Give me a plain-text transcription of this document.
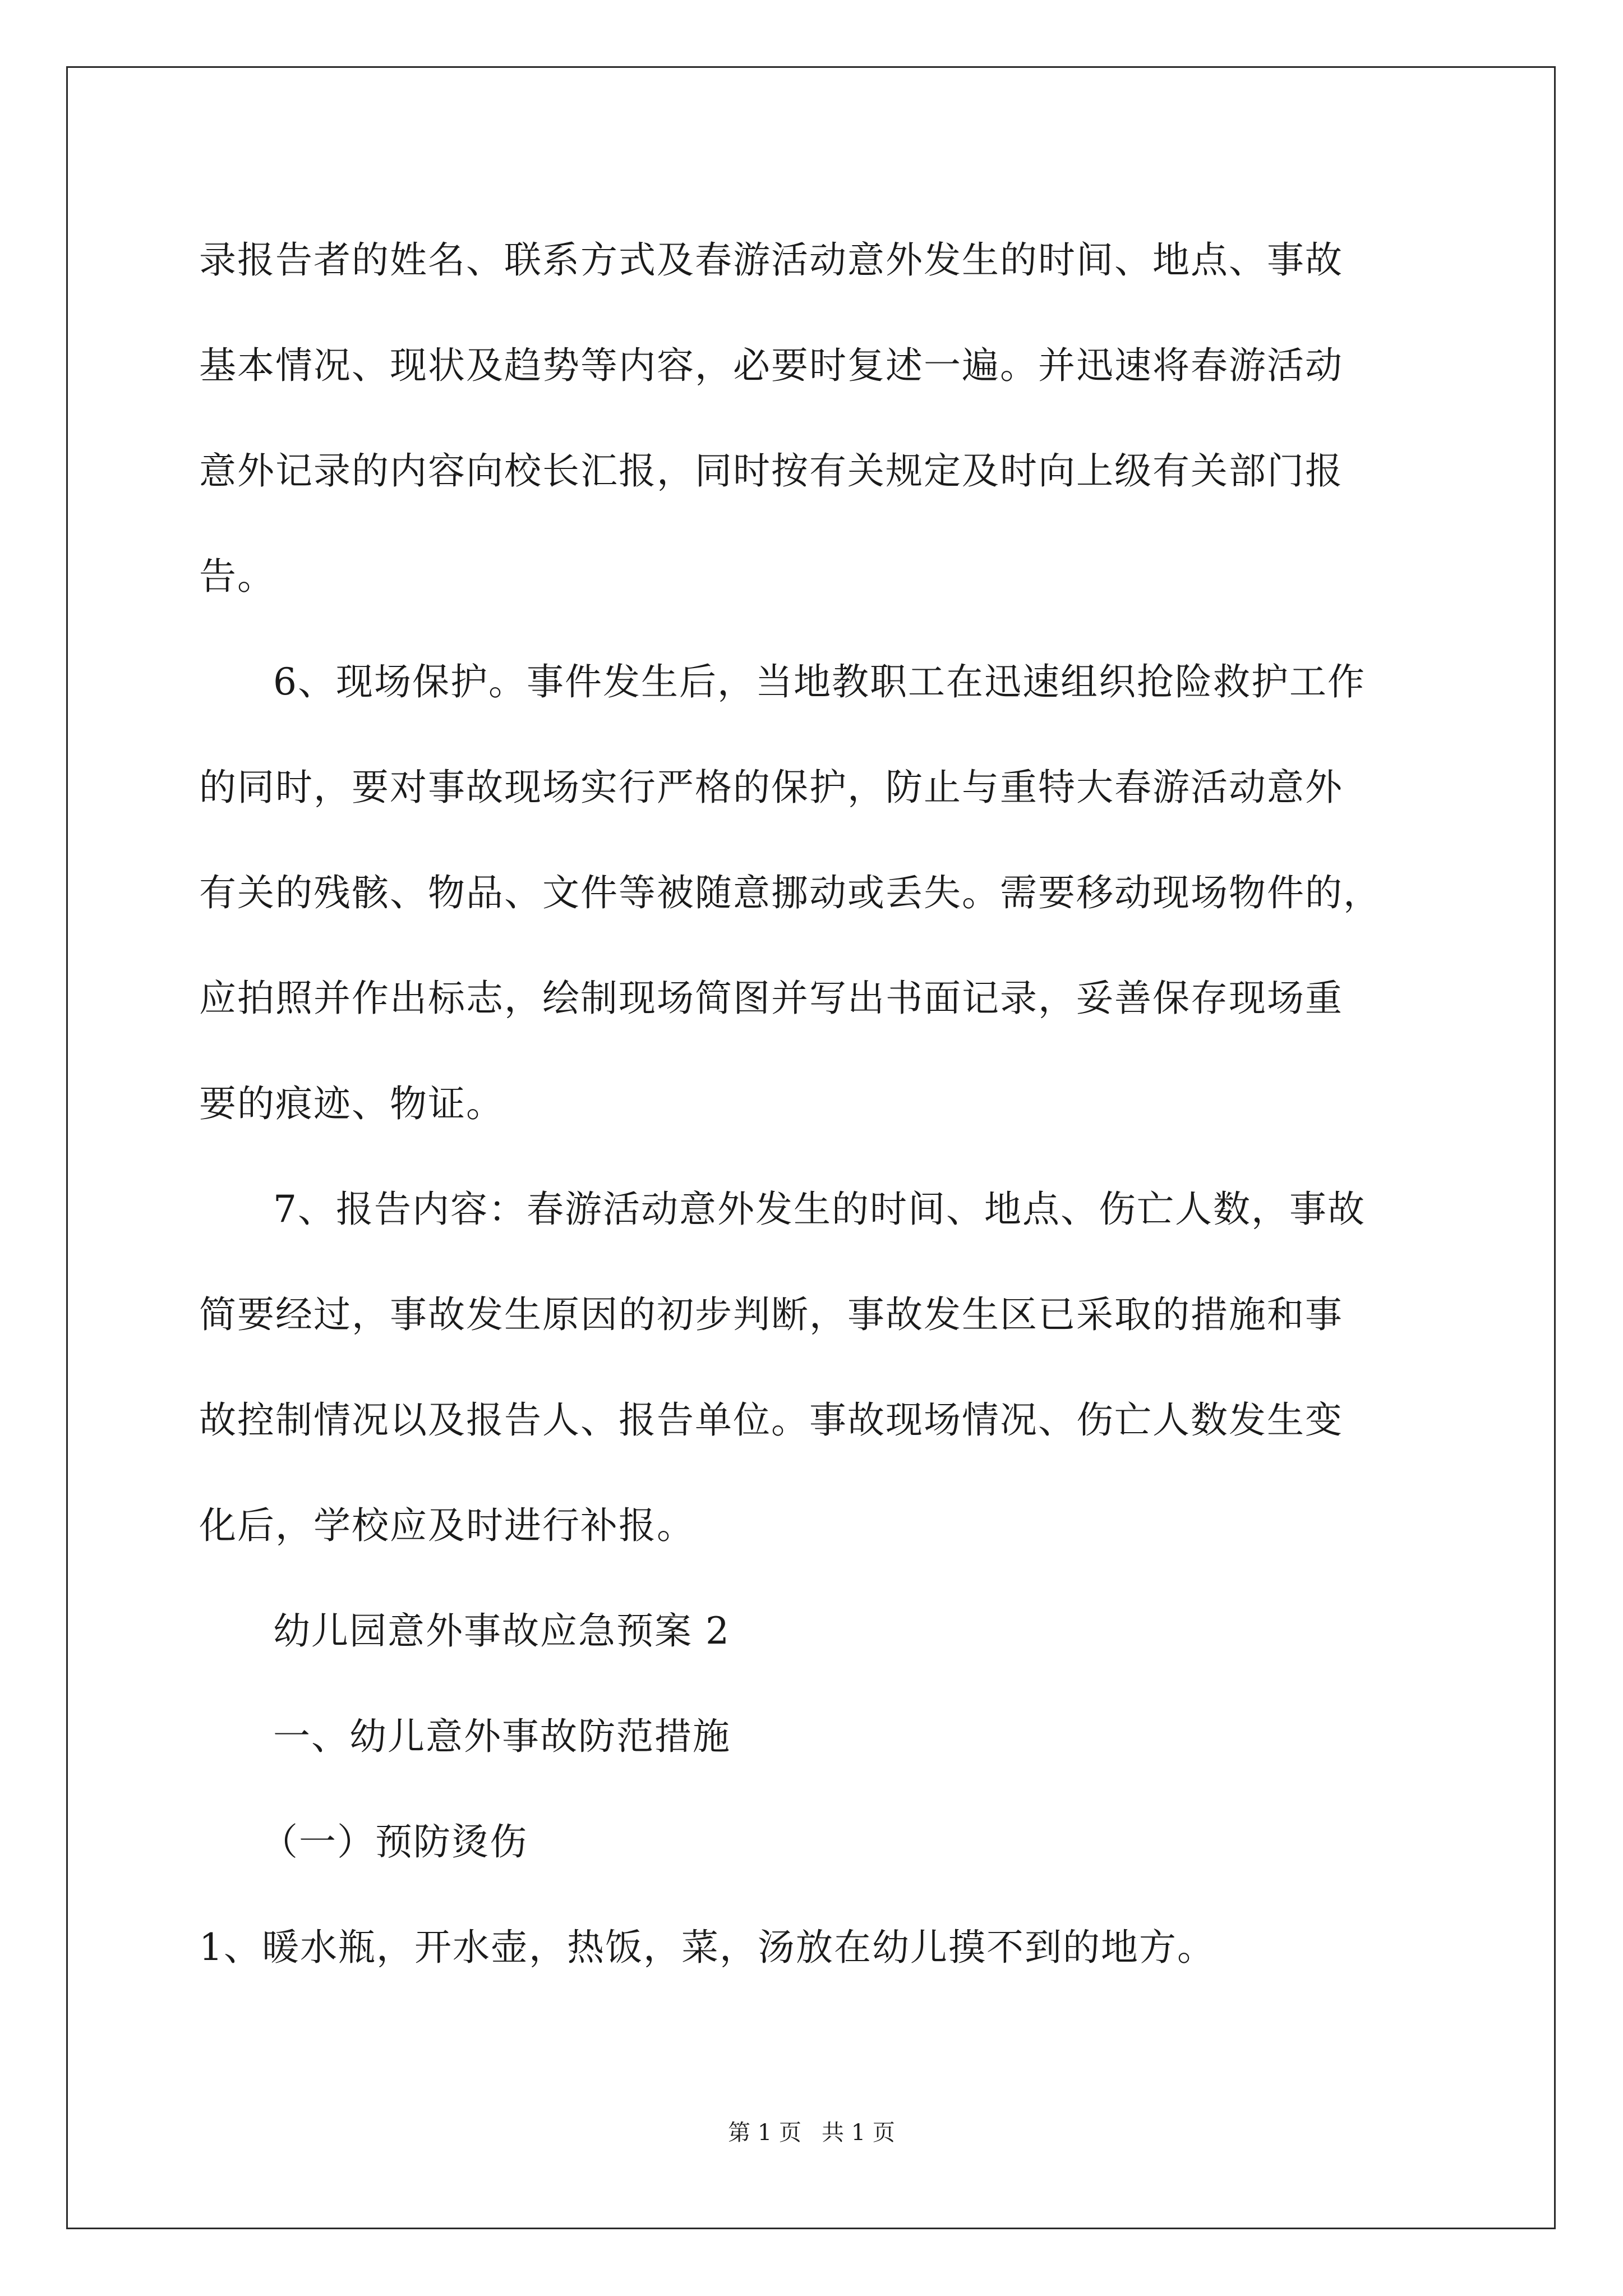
录报告者的姓名、联系方式及春游活动意外发生的时间、地点、事故
基本情况、现状及趋势等内容，必要时复述一遍。并迅速将春游活动
意外记录的内容向校长汇报，同时按有关规定及时向上级有关部门报
告。
6、现场保护。事件发生后，当地教职工在迅速组织抢险救护工作
的同时，要对事故现场实行严格的保护，防止与重特大春游活动意外
有关的残骸、物品、文件等被随意挪动或丢失。需要移动现场物件的，
应拍照并作出标志，绘制现场简图并写出书面记录，妥善保存现场重
要的痕迹、物证。
7、报告内容：春游活动意外发生的时间、地点、伤亡人数，事故
简要经过，事故发生原因的初步判断，事故发生区已采取的措施和事
故控制情况以及报告人、报告单位。事故现场情况、伤亡人数发生变
化后，学校应及时进行补报。
幼儿园意外事故应急预案 2
一、幼儿意外事故防范措施
（一）预防烫伤
1、暖水瓶，开水壶，热饭，菜，汤放在幼儿摸不到的地方。
第 1 页 共 1 页
